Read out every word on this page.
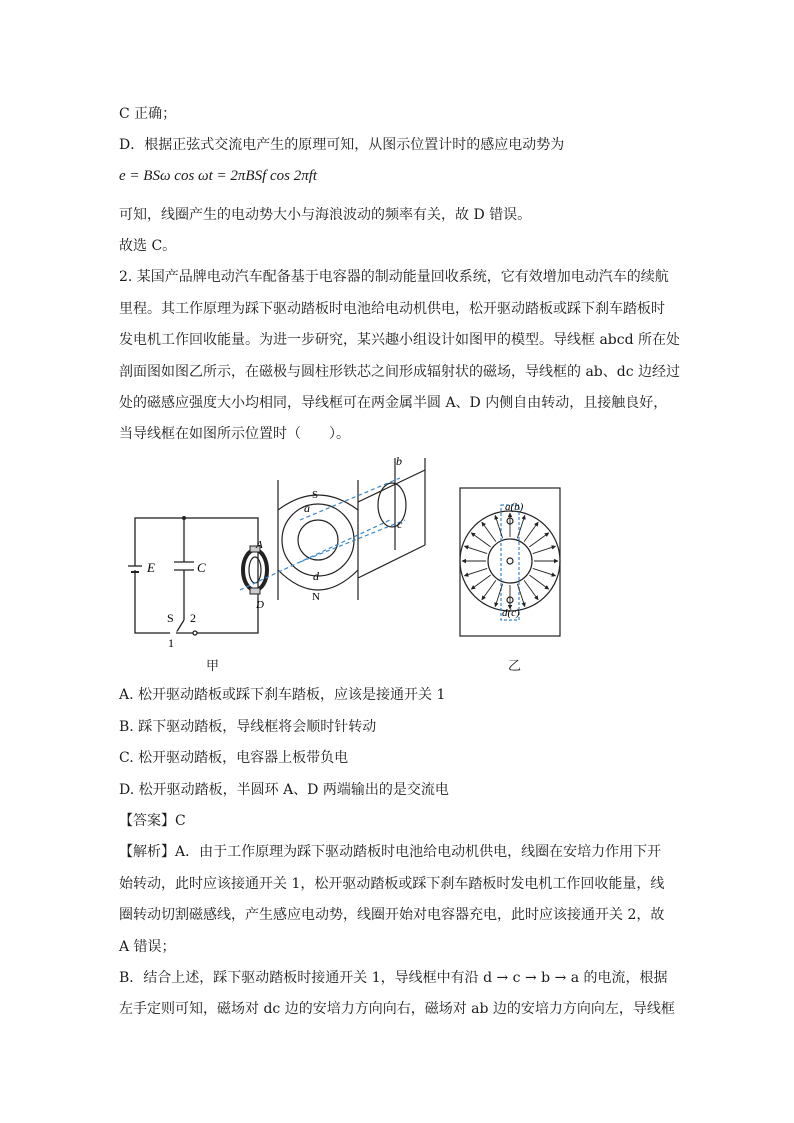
C 正确；
D．根据正弦式交流电产生的原理可知，从图示位置计时的感应电动势为
e = BSω cos ωt = 2πBSf cos 2πft
可知，线圈产生的电动势大小与海浪波动的频率有关，故 D 错误。
故选 C。
2. 某国产品牌电动汽车配备基于电容器的制动能量回收系统，它有效增加电动汽车的续航
里程。其工作原理为踩下驱动踏板时电池给电动机供电，松开驱动踏板或踩下刹车踏板时
发电机工作回收能量。为进一步研究，某兴趣小组设计如图甲的模型。导线框 abcd 所在处
剖面图如图乙所示，在磁极与圆柱形铁芯之间形成辐射状的磁场，导线框的 ab、dc 边经过
处的磁感应强度大小均相同，导线框可在两金属半圆 A、D 内侧自由转动，且接触良好，
当导线框在如图所示位置时（　　）。
E	C
S 2
1
A
D
S
N
a
b
c
d
a(b)
d(c)
甲	乙
A. 松开驱动踏板或踩下刹车踏板，应该是接通开关 1
B. 踩下驱动踏板，导线框将会顺时针转动
C. 松开驱动踏板，电容器上板带负电
D. 松开驱动踏板，半圆环 A、D 两端输出的是交流电
【答案】C
【解析】A．由于工作原理为踩下驱动踏板时电池给电动机供电，线圈在安培力作用下开
始转动，此时应该接通开关 1，松开驱动踏板或踩下刹车踏板时发电机工作回收能量，线
圈转动切割磁感线，产生感应电动势，线圈开始对电容器充电，此时应该接通开关 2，故
A 错误；
B．结合上述，踩下驱动踏板时接通开关 1，导线框中有沿 d → c → b → a 的电流，根据
左手定则可知，磁场对 dc 边的安培力方向向右，磁场对 ab 边的安培力方向向左，导线框
